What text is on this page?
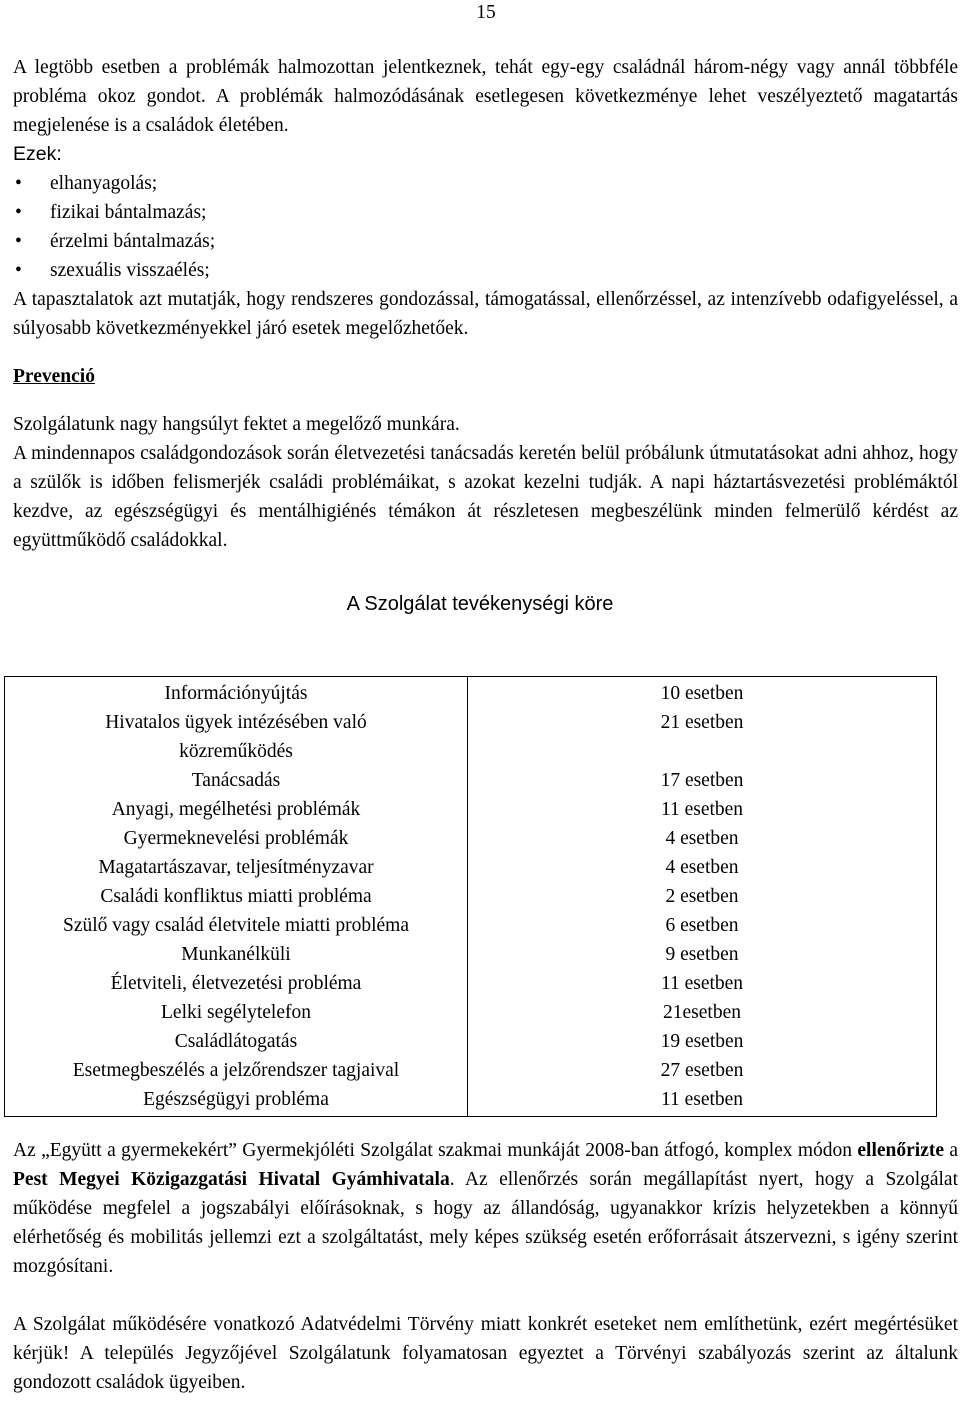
15

A legtöbb esetben a problémák halmozottan jelentkeznek, tehát egy-egy családnál három-négy vagy annál többféle probléma okoz gondot. A problémák halmozódásának esetlegesen következménye lehet veszélyeztető magatartás megjelenése is a családok életében.

Ezek:

• elhanyagolás;
• fizikai bántalmazás;
• érzelmi bántalmazás;
• szexuális visszaélés;

A tapasztalatok azt mutatják, hogy rendszeres gondozással, támogatással, ellenőrzéssel, az intenzívebb odafigyeléssel, a súlyosabb következményekkel járó esetek megelőzhetőek.

Prevenció

Szolgálatunk nagy hangsúlyt fektet a megelőző munkára.

A mindennapos családgondozások során életvezetési tanácsadás keretén belül próbálunk útmutatásokat adni ahhoz, hogy a szülők is időben felismerjék családi problémáikat, s azokat kezelni tudják. A napi háztartásvezetési problémáktól kezdve, az egészségügyi és mentálhigiénés témákon át részletesen megbeszélünk minden felmerülő kérdést az együttműködő családokkal.

A Szolgálat tevékenységi köre
Információnyújtás	10 esetben
Hivatalos ügyek intézésében való közreműködés	21 esetben
Tanácsadás	17 esetben
Anyagi, megélhetési problémák	11 esetben
Gyermeknevelési problémák	4 esetben
Magatartászavar, teljesítményzavar	4 esetben
Családi konfliktus miatti probléma	2 esetben
Szülő vagy család életvitele miatti probléma	6 esetben
Munkanélküli	9 esetben
Életviteli, életvezetési probléma	11 esetben
Lelki segélytelefon	21esetben
Családlátogatás	19 esetben
Esetmegbeszélés a jelzőrendszer tagjaival	27 esetben
Egészségügyi probléma	11 esetben

Az „Együtt a gyermekekért” Gyermekjóléti Szolgálat szakmai munkáját 2008-ban átfogó, komplex módon ellenőrizte a Pest Megyei Közigazgatási Hivatal Gyámhivatala. Az ellenőrzés során megállapítást nyert, hogy a Szolgálat működése megfelel a jogszabályi előírásoknak, s hogy az állandóság, ugyanakkor krízis helyzetekben a könnyű elérhetőség és mobilitás jellemzi ezt a szolgáltatást, mely képes szükség esetén erőforrásait átszervezni, s igény szerint mozgósítani.

A Szolgálat működésére vonatkozó Adatvédelmi Törvény miatt konkrét eseteket nem említhetünk, ezért megértésüket kérjük! A település Jegyzőjével Szolgálatunk folyamatosan egyeztet a Törvényi szabályozás szerint az általunk gondozott családok ügyeiben.
